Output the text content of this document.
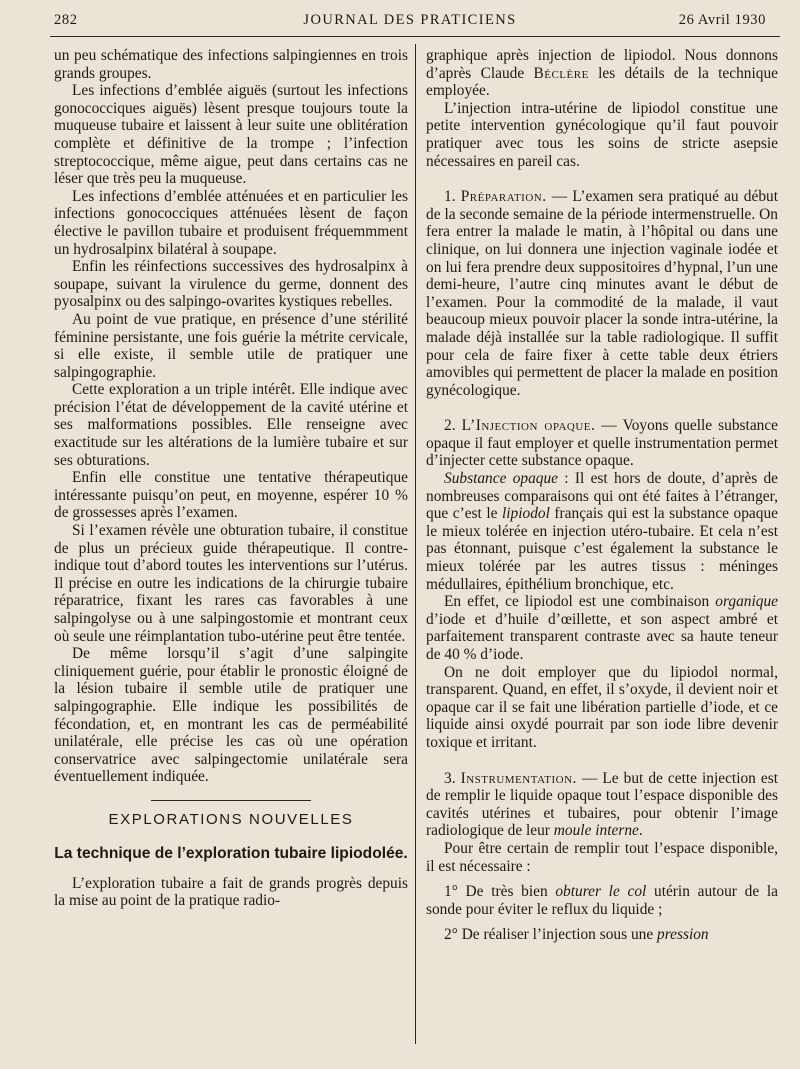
282	JOURNAL DES PRATICIENS	26 Avril 1930

un peu schématique des infections salpingiennes en trois grands groupes.

Les infections d’emblée aiguës (surtout les infections gonococciques aiguës) lèsent presque toujours toute la muqueuse tubaire et laissent à leur suite une oblitération complète et définitive de la trompe ; l’infection streptococcique, même aigue, peut dans certains cas ne léser que très peu la muqueuse.

Les infections d’emblée atténuées et en particulier les infections gonococciques atténuées lèsent de façon élective le pavillon tubaire et produisent fréquemmment un hydrosalpinx bilatéral à soupape.

Enfin les réinfections successives des hydrosalpinx à soupape, suivant la virulence du germe, donnent des pyosalpinx ou des salpingo-ovarites kystiques rebelles.

Au point de vue pratique, en présence d’une stérilité féminine persistante, une fois guérie la métrite cervicale, si elle existe, il semble utile de pratiquer une salpingographie.

Cette exploration a un triple intérêt. Elle indique avec précision l’état de développement de la cavité utérine et ses malformations possibles. Elle renseigne avec exactitude sur les altérations de la lumière tubaire et sur ses obturations.

Enfin elle constitue une tentative thérapeutique intéressante puisqu’on peut, en moyenne, espérer 10 % de grossesses après l’examen.

Si l’examen révèle une obturation tubaire, il constitue de plus un précieux guide thérapeutique. Il contre-indique tout d’abord toutes les interventions sur l’utérus. Il précise en outre les indications de la chirurgie tubaire réparatrice, fixant les rares cas favorables à une salpingolyse ou à une salpingostomie et montrant ceux où seule une réimplantation tubo-utérine peut être tentée.

De même lorsqu’il s’agit d’une salpingite cliniquement guérie, pour établir le pronostic éloigné de la lésion tubaire il semble utile de pratiquer une salpingographie. Elle indique les possibilités de fécondation, et, en montrant les cas de perméabilité unilatérale, elle précise les cas où une opération conservatrice avec salpingectomie unilatérale sera éventuellement indiquée.

EXPLORATIONS NOUVELLES
La technique de l’exploration tubaire lipiodolée.

L’exploration tubaire a fait de grands progrès depuis la mise au point de la pratique radio-

graphique après injection de lipiodol. Nous donnons d’après Claude Béclère les détails de la technique employée.

L’injection intra-utérine de lipiodol constitue une petite intervention gynécologique qu’il faut pouvoir pratiquer avec tous les soins de stricte asepsie nécessaires en pareil cas.

1. Préparation. — L’examen sera pratiqué au début de la seconde semaine de la période intermenstruelle. On fera entrer la malade le matin, à l’hôpital ou dans une clinique, on lui donnera une injection vaginale iodée et on lui fera prendre deux suppositoires d’hypnal, l’un une demi-heure, l’autre cinq minutes avant le début de l’examen. Pour la commodité de la malade, il vaut beaucoup mieux pouvoir placer la sonde intra-utérine, la malade déjà installée sur la table radiologique. Il suffit pour cela de faire fixer à cette table deux étriers amovibles qui permettent de placer la malade en position gynécologique.

2. L’Injection opaque. — Voyons quelle substance opaque il faut employer et quelle instrumentation permet d’injecter cette substance opaque.

Substance opaque : Il est hors de doute, d’après de nombreuses comparaisons qui ont été faites à l’étranger, que c’est le lipiodol français qui est la substance opaque le mieux tolérée en injection utéro-tubaire. Et cela n’est pas étonnant, puisque c’est également la substance le mieux tolérée par les autres tissus : méninges médullaires, épithélium bronchique, etc.

En effet, ce lipiodol est une combinaison organique d’iode et d’huile d’œillette, et son aspect ambré et parfaitement transparent contraste avec sa haute teneur de 40 % d’iode.

On ne doit employer que du lipiodol normal, transparent. Quand, en effet, il s’oxyde, il devient noir et opaque car il se fait une libération partielle d’iode, et ce liquide ainsi oxydé pourrait par son iode libre devenir toxique et irritant.

3. Instrumentation. — Le but de cette injection est de remplir le liquide opaque tout l’espace disponible des cavités utérines et tubaires, pour obtenir l’image radiologique de leur moule interne.

Pour être certain de remplir tout l’espace disponible, il est nécessaire :

1° De très bien obturer le col utérin autour de la sonde pour éviter le reflux du liquide ;

2° De réaliser l’injection sous une pression
